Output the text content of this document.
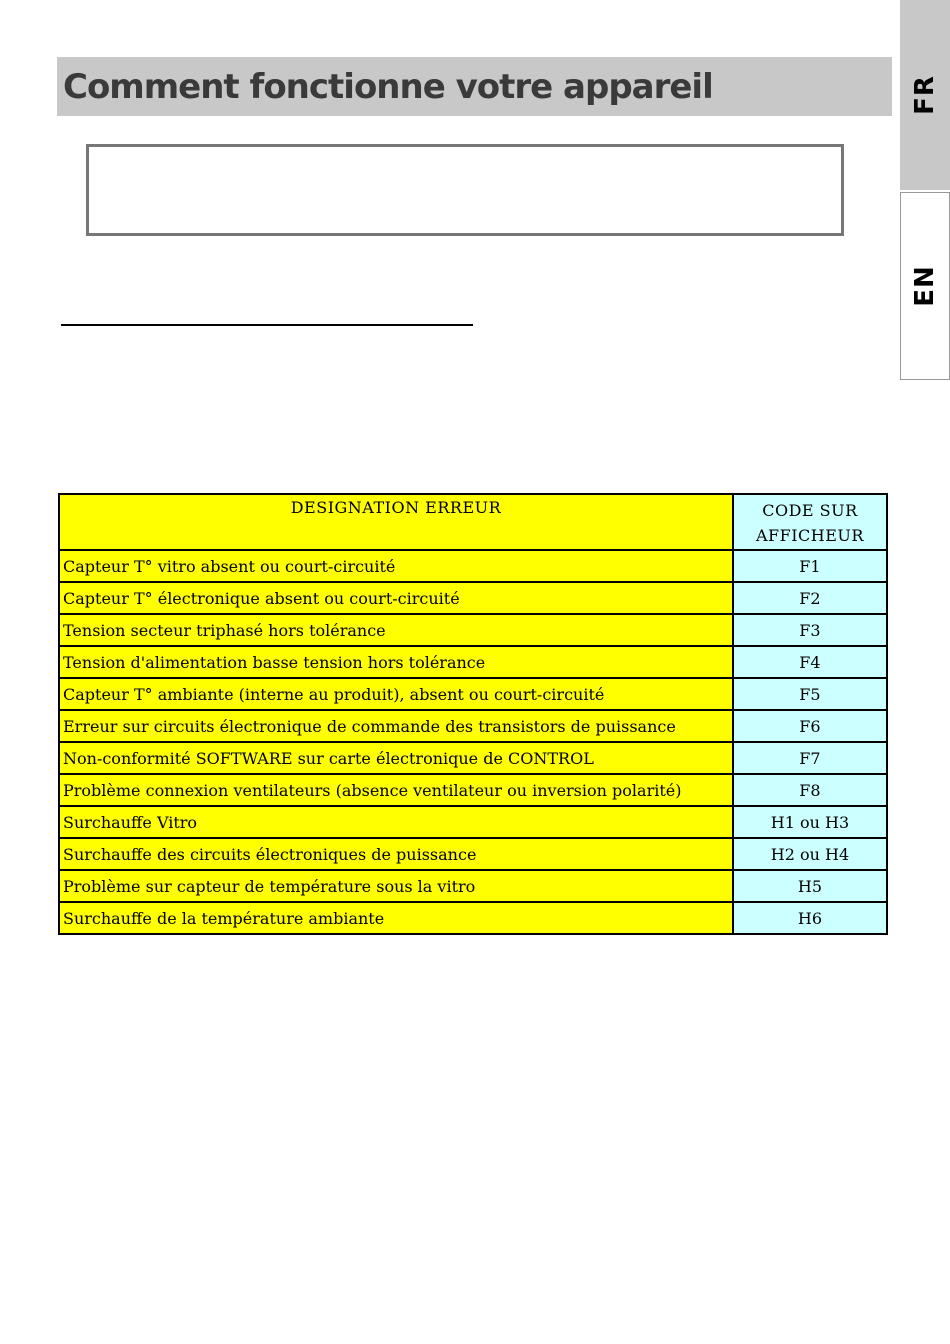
FR
EN
Comment fonctionne votre appareil
DESIGNATION ERREUR	CODE SUR
AFFICHEUR

Capteur T° vitro absent ou court-circuité	F1
Capteur T° électronique absent ou court-circuité	F2
Tension secteur triphasé hors tolérance	F3
Tension d'alimentation basse tension hors tolérance	F4
Capteur T° ambiante (interne au produit), absent ou court-circuité	F5
Erreur sur circuits électronique de commande des transistors de puissance	F6
Non-conformité SOFTWARE sur carte électronique de CONTROL	F7
Problème connexion ventilateurs (absence ventilateur ou inversion polarité)	F8
Surchauffe Vitro	H1 ou H3
Surchauffe des circuits électroniques de puissance	H2 ou H4
Problème sur capteur de température sous la vitro	H5
Surchauffe de la température ambiante	H6
